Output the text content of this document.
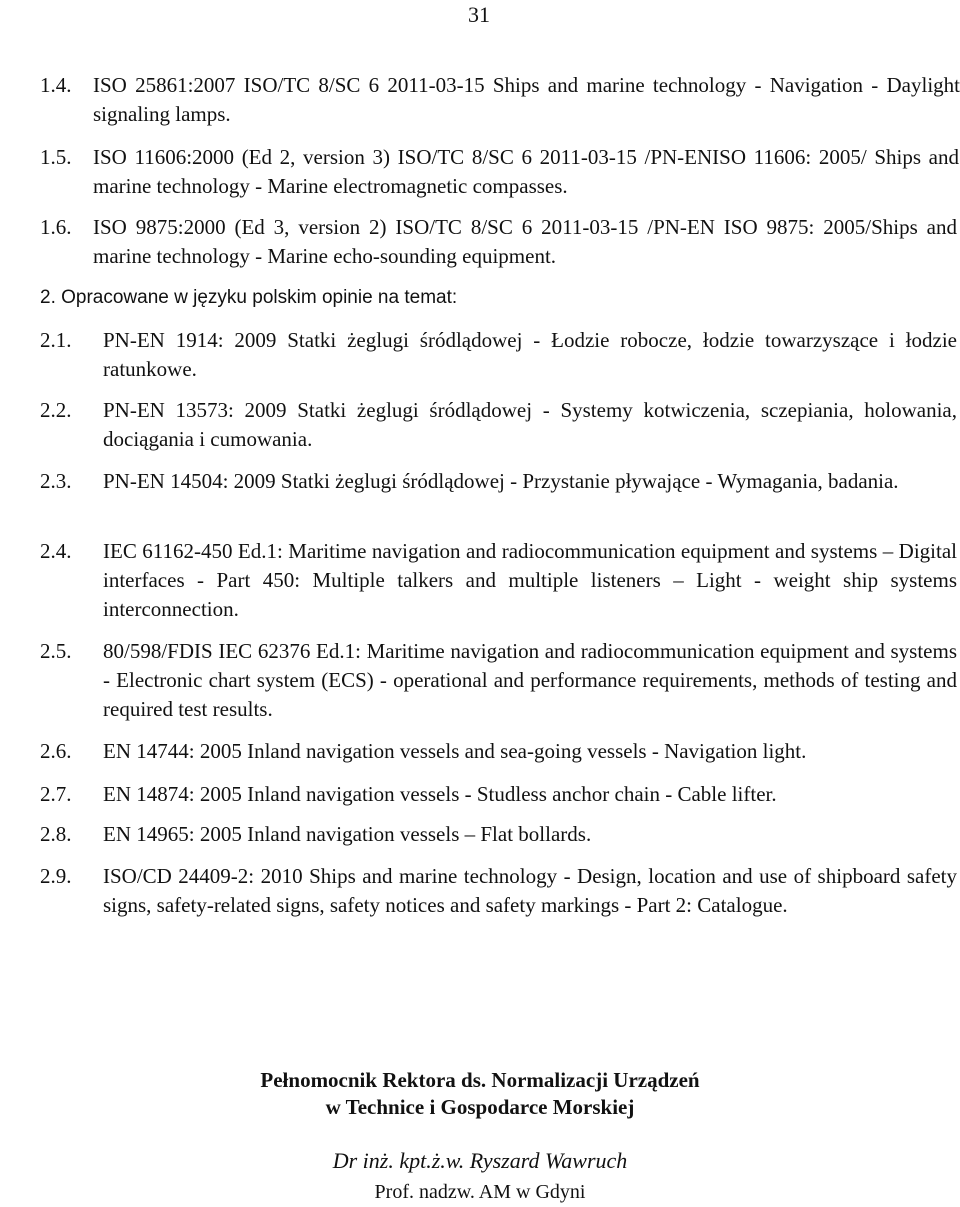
31
1.4. ISO 25861:2007 ISO/TC 8/SC 6 2011-03-15 Ships and marine technology - Navigation - Daylight signaling lamps.
1.5. ISO 11606:2000 (Ed 2, version 3) ISO/TC 8/SC 6 2011-03-15 /PN-ENISO 11606: 2005/ Ships and marine technology - Marine electromagnetic compasses.
1.6. ISO 9875:2000 (Ed 3, version 2) ISO/TC 8/SC 6 2011-03-15 /PN-EN ISO 9875: 2005/Ships and marine technology - Marine echo-sounding equipment.
2. Opracowane w języku polskim opinie na temat:
2.1. PN-EN 1914: 2009 Statki żeglugi śródlądowej - Łodzie robocze, łodzie towarzyszące i łodzie ratunkowe.
2.2. PN-EN 13573: 2009 Statki żeglugi śródlądowej - Systemy kotwiczenia, sczepiania, holowania, dociągania i cumowania.
2.3. PN-EN 14504: 2009 Statki żeglugi śródlądowej - Przystanie pływające - Wymagania, badania.
2.4. IEC 61162-450 Ed.1: Maritime navigation and radiocommunication equipment and systems – Digital interfaces - Part 450: Multiple talkers and multiple listeners – Light - weight ship systems interconnection.
2.5. 80/598/FDIS IEC 62376 Ed.1: Maritime navigation and radiocommunication equipment and systems - Electronic chart system (ECS) - operational and performance requirements, methods of testing and required test results.
2.6. EN 14744: 2005 Inland navigation vessels and sea-going vessels - Navigation light.
2.7. EN 14874: 2005 Inland navigation vessels - Studless anchor chain - Cable lifter.
2.8. EN 14965: 2005 Inland navigation vessels – Flat bollards.
2.9. ISO/CD 24409-2: 2010 Ships and marine technology - Design, location and use of shipboard safety signs, safety-related signs, safety notices and safety markings - Part 2: Catalogue.
Pełnomocnik Rektora ds. Normalizacji Urządzeń
w Technice i Gospodarce Morskiej
Dr inż. kpt.ż.w. Ryszard Wawruch
Prof. nadzw. AM w Gdyni
